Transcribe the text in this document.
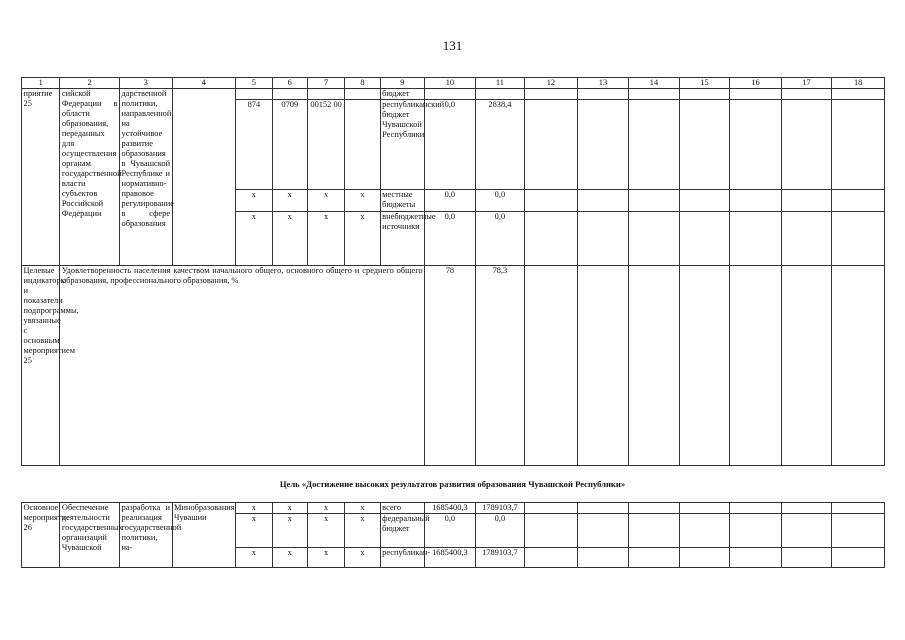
131
1	2	3	4	5	6	7	8	9	10	11	12	13	14	15	16	17	18
приятие 25	сийской Федерации в области образования, переданных для осуществления органам государственной власти субъектов Российской Федерации	дарственной политики, направленной на устойчивое развитие образования в Чувашской Республике и нормативно-правовое регулирование в сфере образования						бюджет									
				874	0709	00152 00		республиканский бюджет Чувашской Республики	0,0	2838,4							
				x	x	x	x	местные бюджеты	0,0	0,0							
				x	x	x	x	внебюджетные источники	0,0	0,0							
Целевые индикаторы и показатели подпрограммы, увязанные с основным мероприятием 25	Удовлетворенность населения качеством начального общего, основного общего и среднего общего образования, профессионального образования, %								78	78,3							
Цель «Достижение высоких результатов развития образования Чувашской Республики»
Основное мероприятие 26	Обеспечение деятельности государственных организаций Чувашской	разработка и реализация государственной политики, на-	Минобразования Чувашии	x	x	x	x	всего	1685400,3	1789103,7							
				x	x	x	x	федеральный бюджет	0,0	0,0							
				x	x	x	x	республикан-	1685400,3	1789103,7							
